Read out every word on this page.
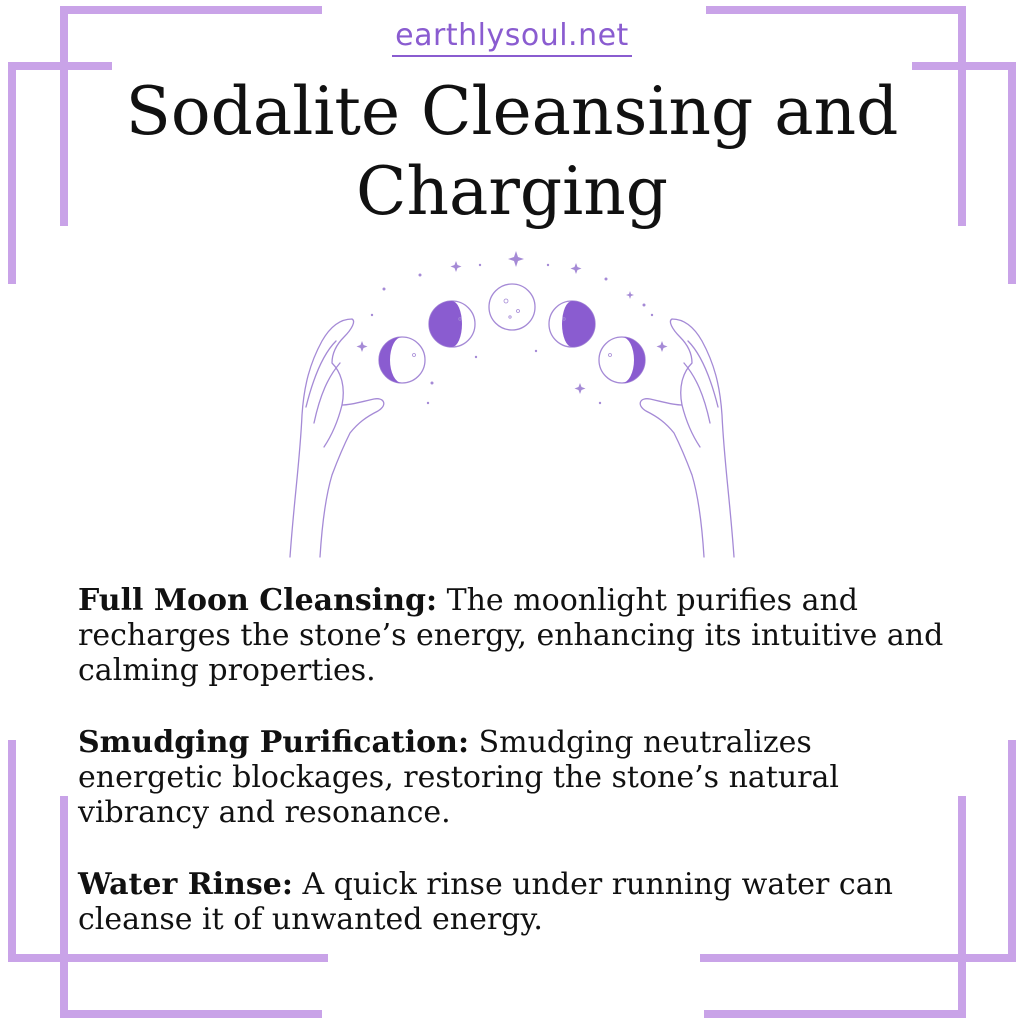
earthlysoul.net
Sodalite Cleansing and Charging

Full Moon Cleansing: The moonlight purifies and recharges the stone’s energy, enhancing its intuitive and calming properties.

Smudging Purification: Smudging neutralizes energetic blockages, restoring the stone’s natural vibrancy and resonance.

Water Rinse: A quick rinse under running water can cleanse it of unwanted energy.
